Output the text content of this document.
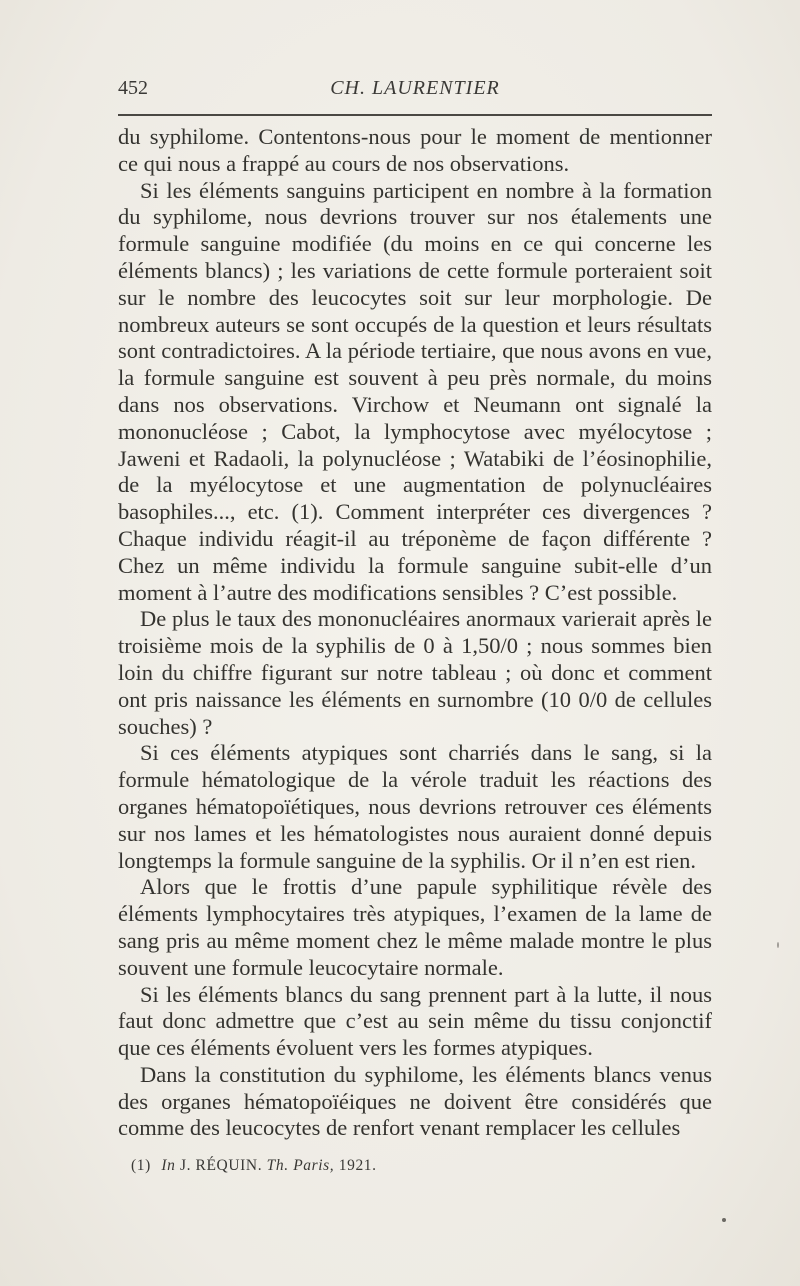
452	CH. LAURENTIER

du syphilome. Contentons-nous pour le moment de mentionner ce qui nous a frappé au cours de nos observations.

Si les éléments sanguins participent en nombre à la formation du syphilome, nous devrions trouver sur nos étalements une formule sanguine modifiée (du moins en ce qui concerne les éléments blancs) ; les variations de cette formule porteraient soit sur le nombre des leucocytes soit sur leur morphologie. De nombreux auteurs se sont occupés de la question et leurs résultats sont contradictoires. A la période tertiaire, que nous avons en vue, la formule sanguine est souvent à peu près normale, du moins dans nos observations. Virchow et Neumann ont signalé la mononucléose ; Cabot, la lymphocytose avec myélocytose ; Jaweni et Radaoli, la polynucléose ; Watabiki de l’éosinophilie, de la myélocytose et une augmentation de polynucléaires basophiles..., etc. (1). Comment interpréter ces divergences ? Chaque individu réagit-il au tréponème de façon différente ? Chez un même individu la formule sanguine subit-elle d’un moment à l’autre des modifications sensibles ? C’est possible.

De plus le taux des mononucléaires anormaux varierait après le troisième mois de la syphilis de 0 à 1,50/0 ; nous sommes bien loin du chiffre figurant sur notre tableau ; où donc et comment ont pris naissance les éléments en surnombre (10 0/0 de cellules souches) ?

Si ces éléments atypiques sont charriés dans le sang, si la formule hématologique de la vérole traduit les réactions des organes hématopoïétiques, nous devrions retrouver ces éléments sur nos lames et les hématologistes nous auraient donné depuis longtemps la formule sanguine de la syphilis. Or il n’en est rien.

Alors que le frottis d’une papule syphilitique révèle des éléments lymphocytaires très atypiques, l’examen de la lame de sang pris au même moment chez le même malade montre le plus souvent une formule leucocytaire normale.

Si les éléments blancs du sang prennent part à la lutte, il nous faut donc admettre que c’est au sein même du tissu conjonctif que ces éléments évoluent vers les formes atypiques.

Dans la constitution du syphilome, les éléments blancs venus des organes hématopoïéiques ne doivent être considérés que comme des leucocytes de renfort venant remplacer les cellules

(1) In J. RÉQUIN. Th. Paris, 1921.
